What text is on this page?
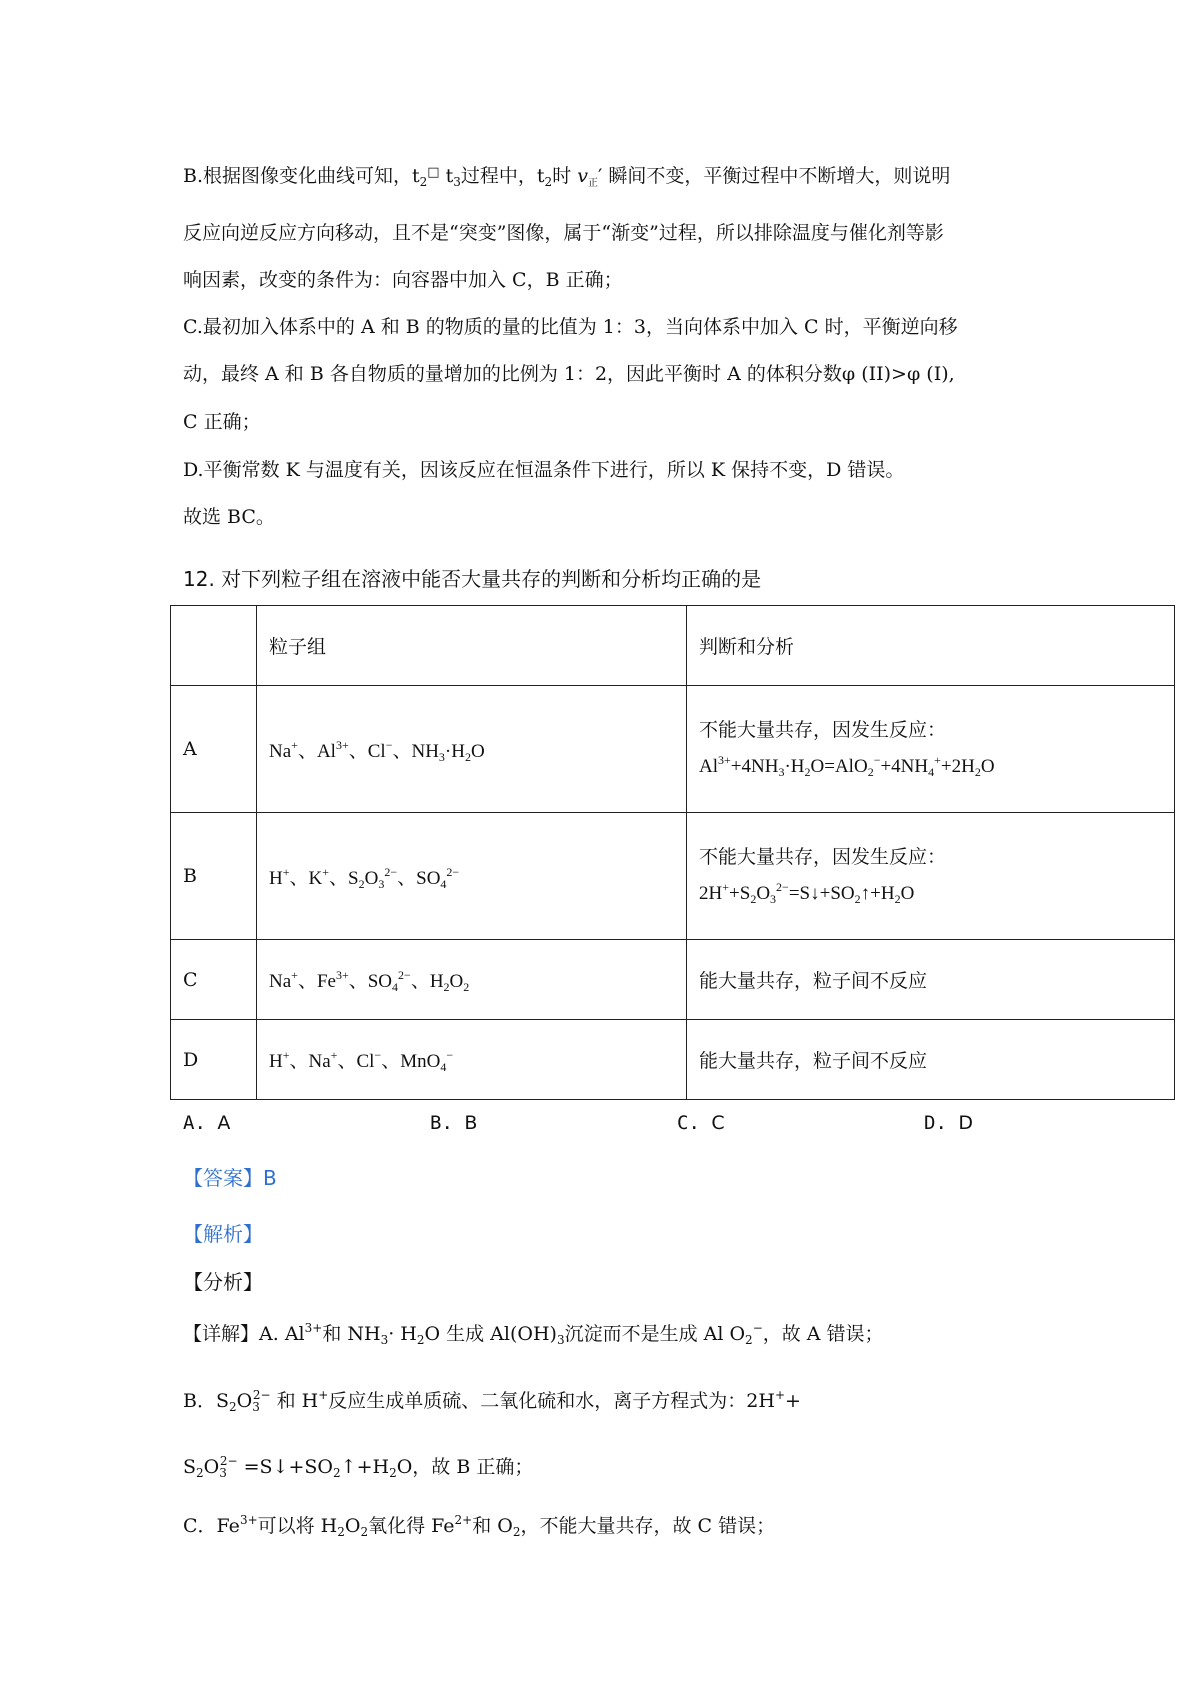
B.根据图像变化曲线可知，$t_2^□$ $t_3$过程中，$t_2$时 $v_正'$ 瞬间不变，平衡过程中不断增大，则说明
反应向逆反应方向移动，且不是“突变”图像，属于“渐变”过程，所以排除温度与催化剂等影
响因素，改变的条件为：向容器中加入 C，B 正确；
C.最初加入体系中的 A 和 B 的物质的量的比值为 1：3，当向体系中加入 C 时，平衡逆向移
动，最终 A 和 B 各自物质的量增加的比例为 1：2，因此平衡时 A 的体积分数φ (II)>φ (I),
C 正确；
D.平衡常数 K 与温度有关，因该反应在恒温条件下进行，所以 K 保持不变，D 错误。
故选 BC。
12. 对下列粒子组在溶液中能否大量共存的判断和分析均正确的是
	粒子组	判断和分析
A	Na+、$Al^{3+}$、Cl−、$NH_3\cdot H_2O$	不能大量共存，因发生反应：
$Al^{3+}+4NH_3\cdot H_2O=AlO_2^-+4NH_4^++2H_2O$

B	H+、K+、$S_2O_3^{2-}$、$SO_4^{2-}$	不能大量共存，因发生反应：
$2H^++S_2O_3^{2-}=S↓+SO_2↑+H_2O$

C	Na+、$Fe^{3+}$、$SO_4^{2-}$、$H_2O_2$	能大量共存，粒子间不反应
D	H+、Na+、Cl−、MnO$_4$−	能大量共存，粒子间不反应
A. A	B. B	C. C	D. D
【答案】B
【解析】
【分析】
【详解】A. $Al^{3+}$和 $NH_3\cdot H_2O$ 生成 $Al(OH)_3$沉淀而不是生成 Al $O_2^-$，故 A 错误；
B．$S_2O_3^{2-}$ 和 H+反应生成单质硫、二氧化硫和水，离子方程式为：2H++
$S_2O_3^{2-}$ $=S↓+SO_2↑+H_2O$，故 B 正确；
C．$Fe^{3+}$可以将 $H_2O_2$氧化得 $Fe^{2+}$和 $O_2$，不能大量共存，故 C 错误；
